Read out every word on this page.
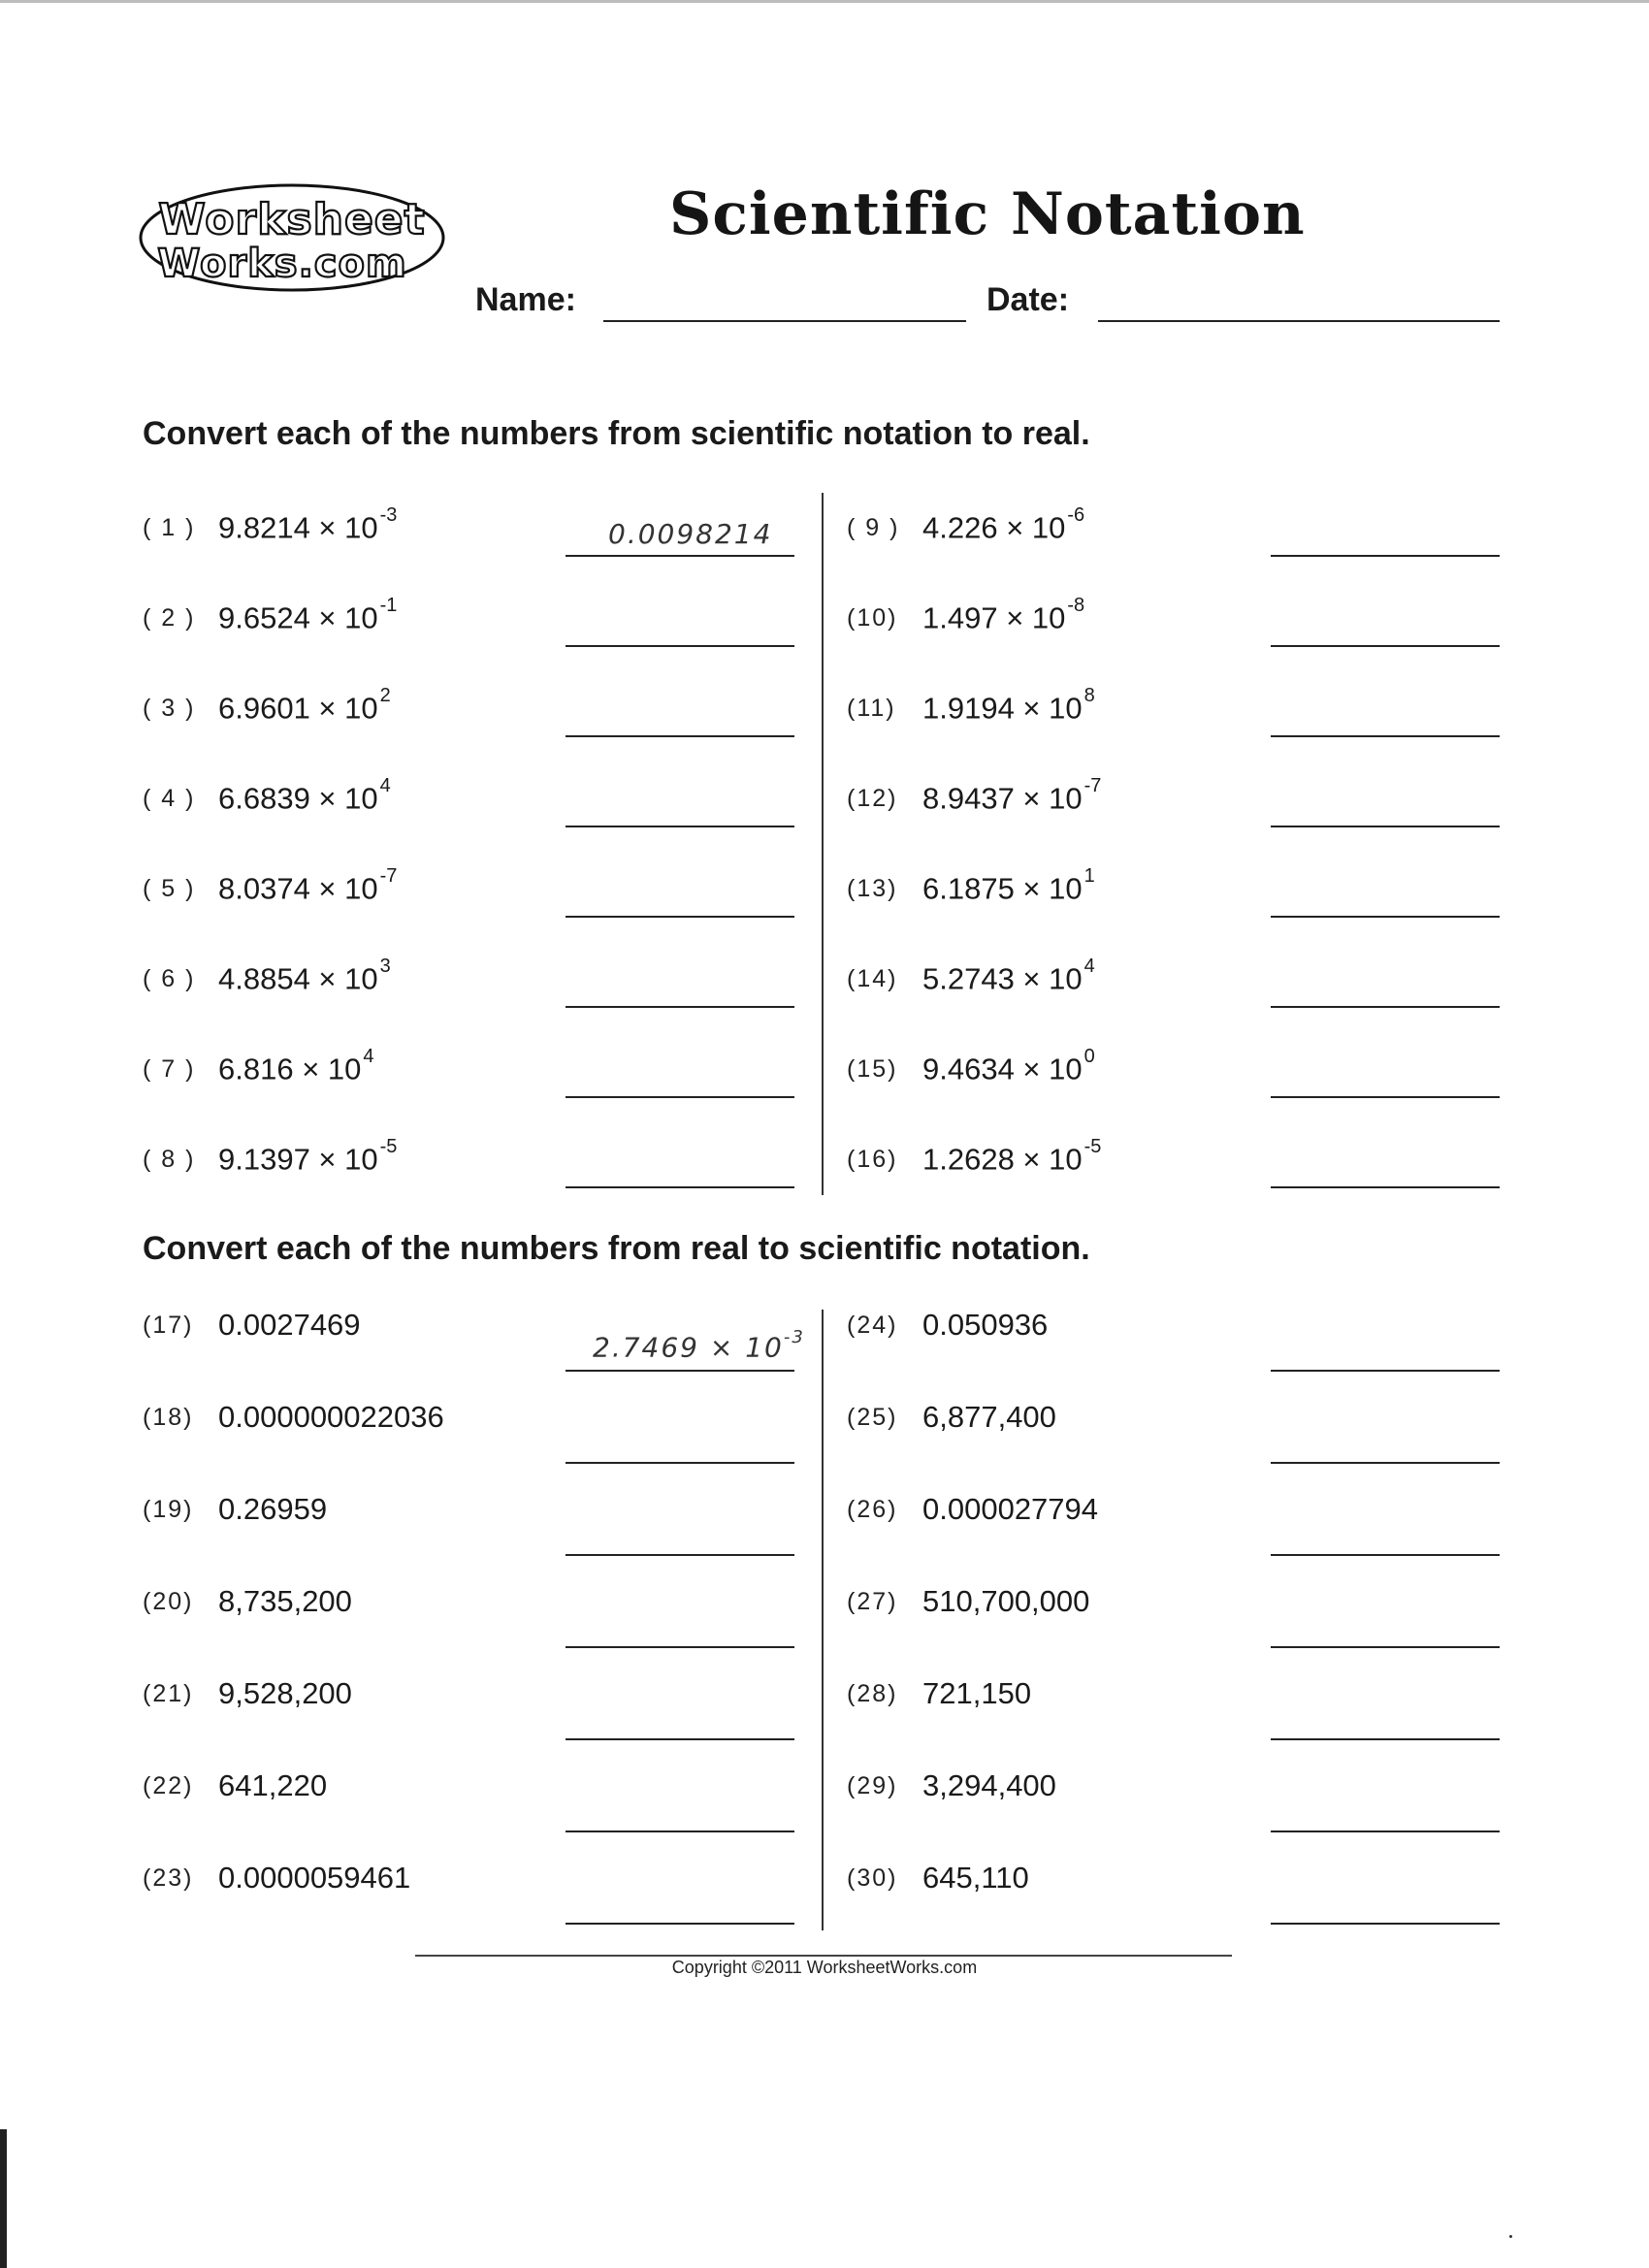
Worksheet
Works.com
Scientific Notation
Name:	Date:
Convert each of the numbers from scientific notation to real.
( 1 ) 9.8214 × 10 $^{-3}$
0.0098214
( 2 ) 9.6524 × 10 $^{-1}$
( 3 ) 6.9601 × 10 $^2$
( 4 ) 6.6839 × 10 $^4$
( 5 ) 8.0374 × 10 $^{-7}$
( 6 ) 4.8854 × 10 $^3$
( 7 ) 6.816 × 10 $^4$
( 8 ) 9.1397 × 10 $^{-5}$
( 9 ) 4.226 × 10 $^{-6}$
(10) 1.497 × 10 $^{-8}$
(11) 1.9194 × 10 $^8$
(12) 8.9437 × 10 $^{-7}$
(13) 6.1875 × 10 $^1$
(14) 5.2743 × 10 $^4$
(15) 9.4634 × 10 $^0$
(16) 1.2628 × 10 $^{-5}$
Convert each of the numbers from real to scientific notation.
(17) 0.0027469
$2.7469 \times 10^{-3}$
(18) 0.000000022036
(19) 0.26959
(20) 8,735,200
(21) 9,528,200
(22) 641,220
(23) 0.0000059461
(24) 0.050936
(25) 6,877,400
(26) 0.000027794
(27) 510,700,000
(28) 721,150
(29) 3,294,400
(30) 645,110
Copyright ©2011 WorksheetWorks.com
